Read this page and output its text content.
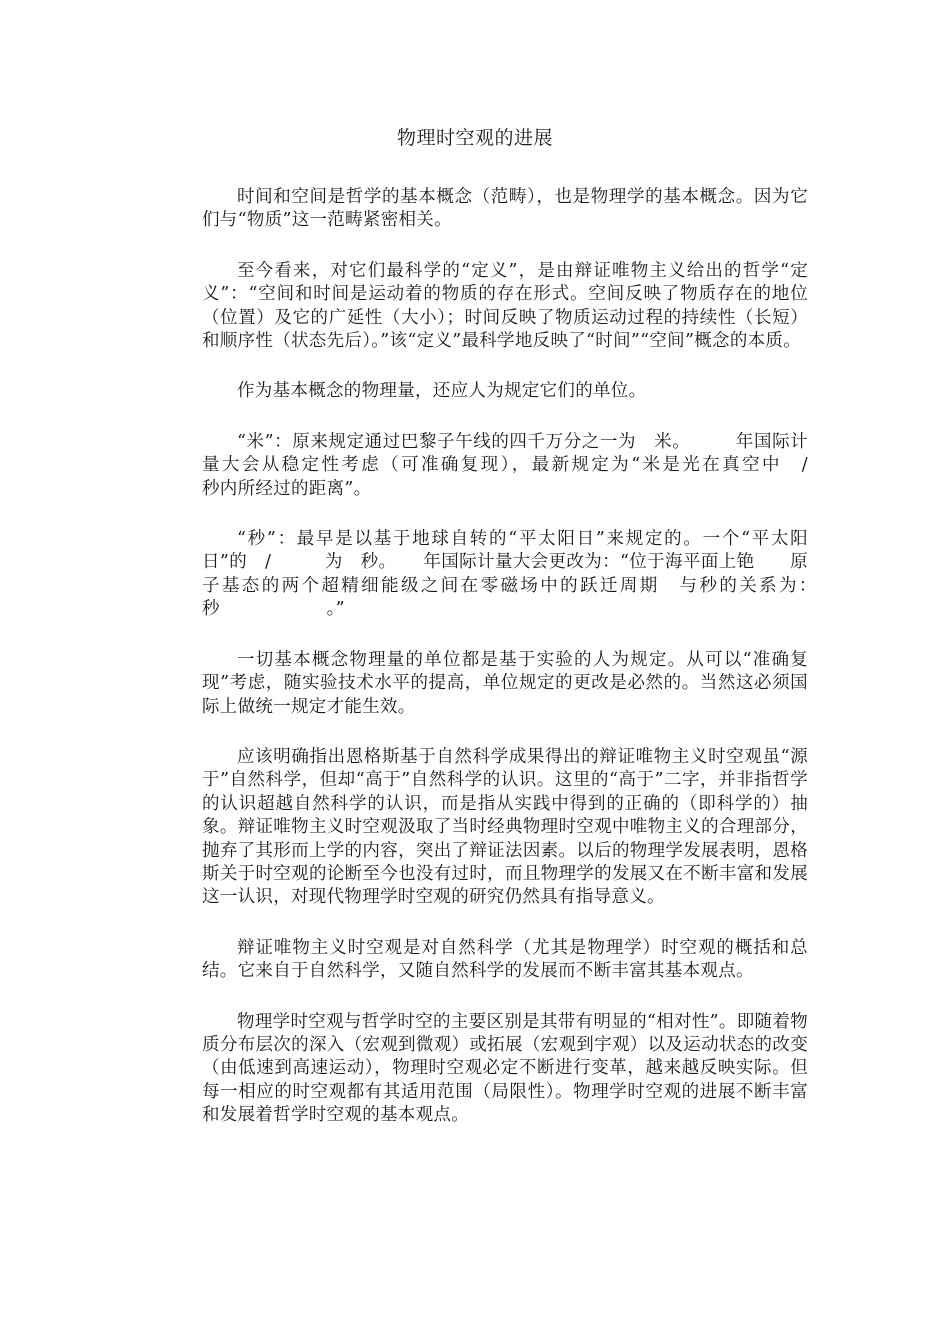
物理时空观的进展

时间和空间是哲学的基本概念（范畴），也是物理学的基本概念。因为它们与“物质”这一范畴紧密相关。

至今看来，对它们最科学的“定义”，是由辩证唯物主义给出的哲学“定义”：“空间和时间是运动着的物质的存在形式。空间反映了物质存在的地位（位置）及它的广延性（大小）；时间反映了物质运动过程的持续性（长短）和顺序性（状态先后）。”该“定义”最科学地反映了“时间”“空间”概念的本质。

作为基本概念的物理量，还应人为规定它们的单位。

“米”：原来规定通过巴黎子午线的四千万分之一为　米。　　　年国际计量大会从稳定性考虑（可准确复现），最新规定为“米是光在真空中　/　　　　　秒内所经过的距离”。

“秒”：最早是以基于地球自转的“平太阳日”来规定的。一个“平太阳日”的　/　　　为　秒。　　年国际计量大会更改为：“位于海平面上铯　　原子基态的两个超精细能级之间在零磁场中的跃迁周期　与秒的关系为：　秒　　　　　　。”

一切基本概念物理量的单位都是基于实验的人为规定。从可以“准确复现”考虑，随实验技术水平的提高，单位规定的更改是必然的。当然这必须国际上做统一规定才能生效。

应该明确指出恩格斯基于自然科学成果得出的辩证唯物主义时空观虽“源于”自然科学，但却“高于”自然科学的认识。这里的“高于”二字，并非指哲学的认识超越自然科学的认识，而是指从实践中得到的正确的（即科学的）抽象。辩证唯物主义时空观汲取了当时经典物理时空观中唯物主义的合理部分，抛弃了其形而上学的内容，突出了辩证法因素。以后的物理学发展表明，恩格斯关于时空观的论断至今也没有过时，而且物理学的发展又在不断丰富和发展这一认识，对现代物理学时空观的研究仍然具有指导意义。

辩证唯物主义时空观是对自然科学（尤其是物理学）时空观的概括和总结。它来自于自然科学，又随自然科学的发展而不断丰富其基本观点。

物理学时空观与哲学时空的主要区别是其带有明显的“相对性”。即随着物质分布层次的深入（宏观到微观）或拓展（宏观到宇观）以及运动状态的改变（由低速到高速运动），物理时空观必定不断进行变革，越来越反映实际。但每一相应的时空观都有其适用范围（局限性）。物理学时空观的进展不断丰富和发展着哲学时空观的基本观点。
